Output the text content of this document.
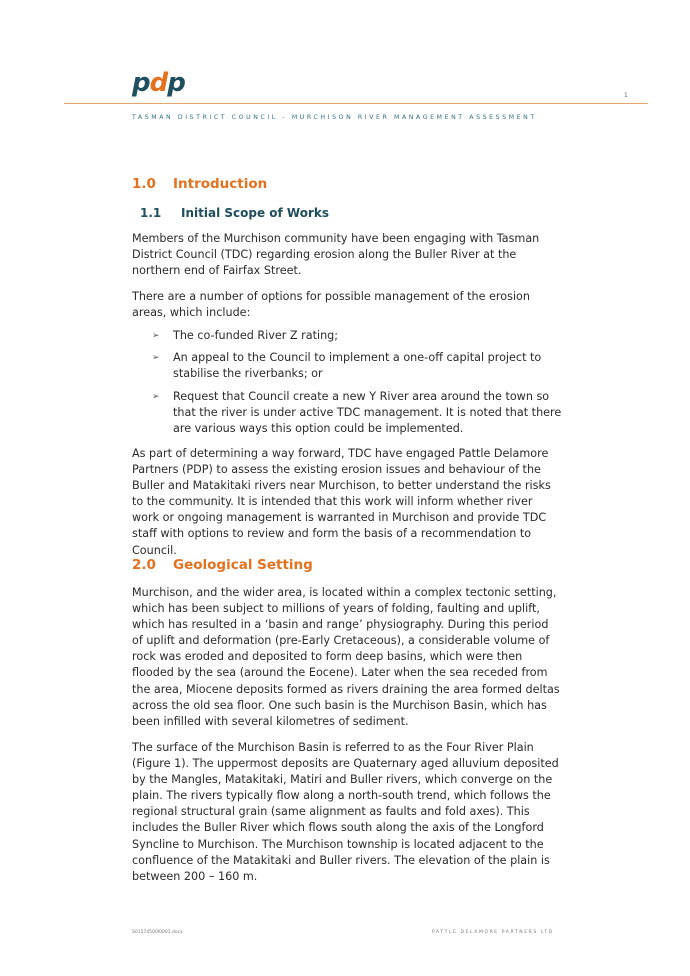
pdp	1
TASMAN DISTRICT COUNCIL - MURCHISON RIVER MANAGEMENT ASSESSMENT
1.0 Introduction
1.1 Initial Scope of Works

Members of the Murchison community have been engaging with Tasman District Council (TDC) regarding erosion along the Buller River at the northern end of Fairfax Street.

There are a number of options for possible management of the erosion areas, which include:

➢ The co-funded River Z rating;
➢ An appeal to the Council to implement a one-off capital project to stabilise the riverbanks; or
➢ Request that Council create a new Y River area around the town so that the river is under active TDC management. It is noted that there are various ways this option could be implemented.

As part of determining a way forward, TDC have engaged Pattle Delamore Partners (PDP) to assess the existing erosion issues and behaviour of the Buller and Matakitaki rivers near Murchison, to better understand the risks to the community. It is intended that this work will inform whether river work or ongoing management is warranted in Murchison and provide TDC staff with options to review and form the basis of a recommendation to Council.

2.0 Geological Setting

Murchison, and the wider area, is located within a complex tectonic setting, which has been subject to millions of years of folding, faulting and uplift, which has resulted in a ‘basin and range’ physiography. During this period of uplift and deformation (pre-Early Cretaceous), a considerable volume of rock was eroded and deposited to form deep basins, which were then flooded by the sea (around the Eocene). Later when the sea receded from the area, Miocene deposits formed as rivers draining the area formed deltas across the old sea floor. One such basin is the Murchison Basin, which has been infilled with several kilometres of sediment.

The surface of the Murchison Basin is referred to as the Four River Plain (Figure 1). The uppermost deposits are Quaternary aged alluvium deposited by the Mangles, Matakitaki, Matiri and Buller rivers, which converge on the plain. The rivers typically flow along a north-south trend, which follows the regional structural grain (same alignment as faults and fold axes). This includes the Buller River which flows south along the axis of the Longford Syncline to Murchison. The Murchison township is located adjacent to the confluence of the Matakitaki and Buller rivers. The elevation of the plain is between 200 – 160 m.

S01574500I0001.docx	PATTLE DELAMORE PARTNERS LTD
